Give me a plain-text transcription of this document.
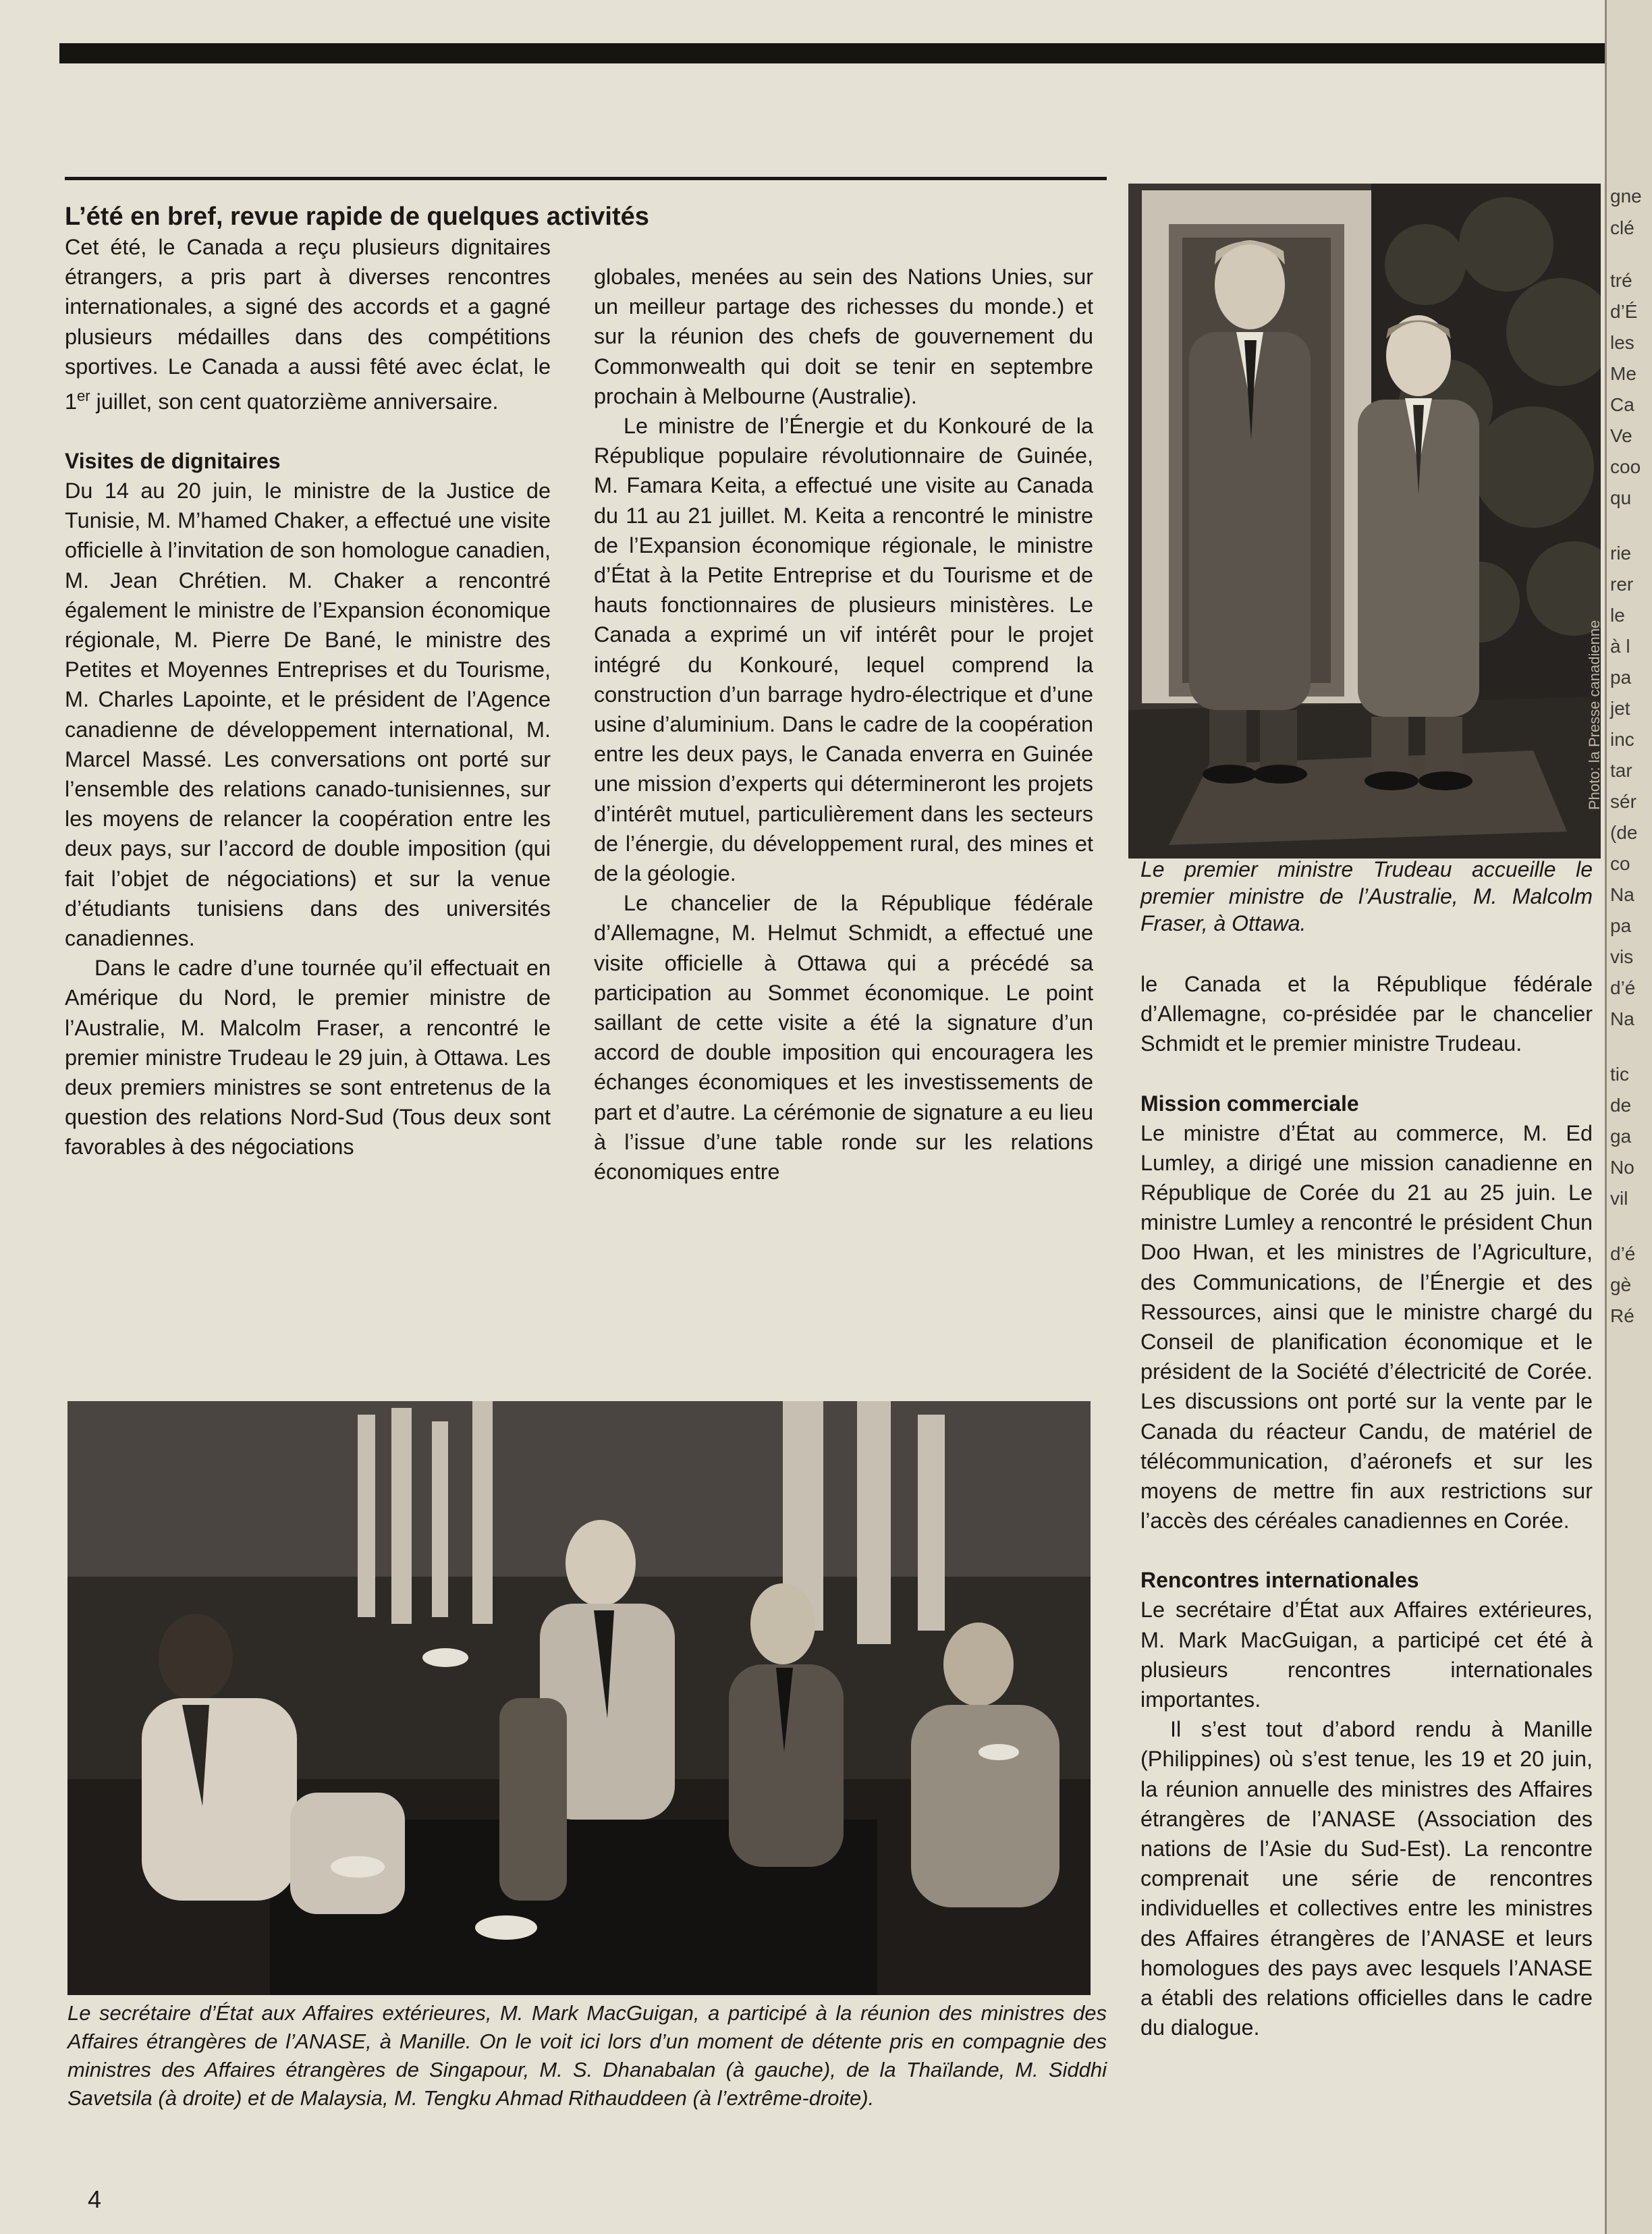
gne
clé
tré
d’É
les
Me
Ca
Ve
coo
qu
rie
rer
le
à l
pa
jet
inc
tar
sér
(de
co
Na
pa
vis
d’é
Na
tic
de
ga
No
vil
d’é
gè
Ré
L’été en bref, revue rapide de quelques activités

Cet été, le Canada a reçu plusieurs dignitaires étrangers, a pris part à diverses rencontres internationales, a signé des accords et a gagné plusieurs médailles dans des compétitions sportives. Le Canada a aussi fêté avec éclat, le 1er juillet, son cent quatorzième anniversaire.

Visites de dignitaires

Du 14 au 20 juin, le ministre de la Justice de Tunisie, M. M’hamed Chaker, a effectué une visite officielle à l’invitation de son homologue canadien, M. Jean Chrétien. M. Chaker a rencontré également le ministre de l’Expansion économique régionale, M. Pierre De Bané, le ministre des Petites et Moyennes Entreprises et du Tourisme, M. Charles Lapointe, et le président de l’Agence canadienne de développement international, M. Marcel Massé. Les conversations ont porté sur l’ensemble des relations canado-tunisiennes, sur les moyens de relancer la coopération entre les deux pays, sur l’accord de double imposition (qui fait l’objet de négociations) et sur la venue d’étudiants tunisiens dans des universités canadiennes.

Dans le cadre d’une tournée qu’il effectuait en Amérique du Nord, le premier ministre de l’Australie, M. Malcolm Fraser, a rencontré le premier ministre Trudeau le 29 juin, à Ottawa. Les deux premiers ministres se sont entretenus de la question des relations Nord-Sud (Tous deux sont favorables à des négociations

globales, menées au sein des Nations Unies, sur un meilleur partage des richesses du monde.) et sur la réunion des chefs de gouvernement du Commonwealth qui doit se tenir en septembre prochain à Melbourne (Australie).

Le ministre de l’Énergie et du Konkouré de la République populaire révolutionnaire de Guinée, M. Famara Keita, a effectué une visite au Canada du 11 au 21 juillet. M. Keita a rencontré le ministre de l’Expansion économique régionale, le ministre d’État à la Petite Entreprise et du Tourisme et de hauts fonctionnaires de plusieurs ministères. Le Canada a exprimé un vif intérêt pour le projet intégré du Konkouré, lequel comprend la construction d’un barrage hydro-électrique et d’une usine d’aluminium. Dans le cadre de la coopération entre les deux pays, le Canada enverra en Guinée une mission d’experts qui détermineront les projets d’intérêt mutuel, particulièrement dans les secteurs de l’énergie, du développement rural, des mines et de la géologie.

Le chancelier de la République fédérale d’Allemagne, M. Helmut Schmidt, a effectué une visite officielle à Ottawa qui a précédé sa participation au Sommet économique. Le point saillant de cette visite a été la signature d’un accord de double imposition qui encouragera les échanges économiques et les investissements de part et d’autre. La cérémonie de signature a eu lieu à l’issue d’une table ronde sur les relations économiques entre

Le premier ministre Trudeau accueille le premier ministre de l’Australie, M. Malcolm Fraser, à Ottawa.

le Canada et la République fédérale d’Allemagne, co-présidée par le chancelier Schmidt et le premier ministre Trudeau.

Mission commerciale

Le ministre d’État au commerce, M. Ed Lumley, a dirigé une mission canadienne en République de Corée du 21 au 25 juin. Le ministre Lumley a rencontré le président Chun Doo Hwan, et les ministres de l’Agriculture, des Communications, de l’Énergie et des Ressources, ainsi que le ministre chargé du Conseil de planification économique et le président de la Société d’électricité de Corée. Les discussions ont porté sur la vente par le Canada du réacteur Candu, de matériel de télécommunication, d’aéronefs et sur les moyens de mettre fin aux restrictions sur l’accès des céréales canadiennes en Corée.

Rencontres internationales

Le secrétaire d’État aux Affaires extérieures, M. Mark MacGuigan, a participé cet été à plusieurs rencontres internationales importantes.

Il s’est tout d’abord rendu à Manille (Philippines) où s’est tenue, les 19 et 20 juin, la réunion annuelle des ministres des Affaires étrangères de l’ANASE (Association des nations de l’Asie du Sud-Est). La rencontre comprenait une série de rencontres individuelles et collectives entre les ministres des Affaires étrangères de l’ANASE et leurs homologues des pays avec lesquels l’ANASE a établi des relations officielles dans le cadre du dialogue.

Le secrétaire d’État aux Affaires extérieures, M. Mark MacGuigan, a participé à la réunion des ministres des Affaires étrangères de l’ANASE, à Manille. On le voit ici lors d’un moment de détente pris en compagnie des ministres des Affaires étrangères de Singapour, M. S. Dhanabalan (à gauche), de la Thaïlande, M. Siddhi Savetsila (à droite) et de Malaysia, M. Tengku Ahmad Rithauddeen (à l’extrême-droite).
4
Photo: la Presse canadienne
